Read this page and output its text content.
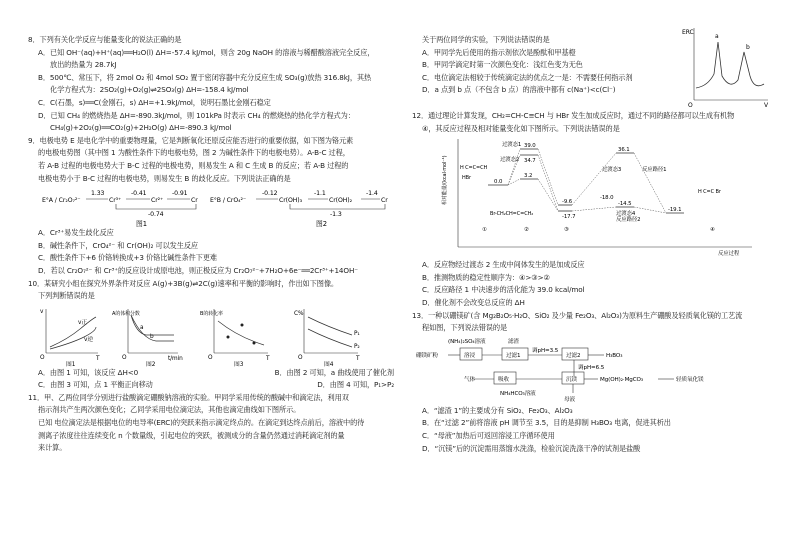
8．下列有关化学反应与能量变化的说法正确的是
A．已知 OH⁻(aq)+H⁺(aq)══H₂O(l) ΔH=-57.4 kJ/mol，则含 20g NaOH 的溶液与稀醋酸溶液完全反应，
放出的热量为 28.7kJ
B．500℃、常压下，将 2mol O₂ 和 4mol SO₂ 置于密闭容器中充分反应生成 SO₃(g)放热 316.8kJ，其热
化学方程式为：2SO₂(g)+O₂(g)⇌2SO₃(g) ΔH=-158.4 kJ/mol
C．C(石墨，s)══C(金刚石，s) ΔH=+1.9kJ/mol，说明石墨比金刚石稳定
D．已知 CH₄ 的燃烧热是 ΔH=-890.3kJ/mol，则 101kPa 时表示 CH₄ 的燃烧热的热化学方程式为：
CH₄(g)+2O₂(g)══CO₂(g)+2H₂O(g) ΔH=-890.3 kJ/mol
9．电极电势 E 是电化学中的重要物理量，它是判断氧化还原反应能否进行的重要依据，如下图为铬元素
的电极电势图（其中图 1 为酸性条件下的电极电势，图 2 为碱性条件下的电极电势）。A-B-C 过程，
若 A-B 过程的电极电势大于 B-C 过程的电极电势，则易发生 A 和 C 生成 B 的反应；若 A-B 过程的
电极电势小于 B-C 过程的电极电势，则易发生 B 的歧化反应。下列说法正确的是
E°A / Cr₂O₇²⁻
1.33
Cr³⁺
-0.41
Cr²⁺
-0.91
Cr
-0.74
图1
E°B / CrO₄²⁻
-0.12
Cr(OH)₃
-1.1
Cr(OH)₂
-1.4
Cr
-1.3
图2
A．Cr³⁺易发生歧化反应
B．碱性条件下，CrO₄²⁻ 和 Cr(OH)₂ 可以发生反应
C．酸性条件下+6 价铬转换成+3 价铬比碱性条件下更难
D．若以 Cr₂O₇²⁻ 和 Cr³⁺的反应设计成原电池，则正极反应为 Cr₂O₇²⁻+7H₂O+6e⁻══2Cr³⁺+14OH⁻
10．某研究小组在探究外界条件对反应 A(g)+3B(g)⇌2C(g)速率和平衡的影响时，作出如下图像。
下列判断错误的是
v
O	T
v正
v逆
图1
A的体积分数
O	t/min
a
b
图2
B的转化率
O	T
图3
C%
O	T
P₁
P₂
图4
A．由图 1 可知，该反应 ΔH<0	B．由图 2 可知，a 曲线使用了催化剂
C．由图 3 可知，点 1 平衡正向移动	D．由图 4 可知，P₁>P₂
11．甲、乙两位同学分别进行盐酸滴定硼酸钠溶液的实验。甲同学采用传统的酸碱中和滴定法，利用双
指示剂共产生两次颜色变化；乙同学采用电位滴定法，其他也滴定曲线如下图所示。
已知 电位滴定法是根据电位的电导率(ERC)的突跃来指示滴定终点的。在滴定到达终点前后，溶液中的待
测离子浓度往往连续变化 n 个数量级，引起电位的突跃，被测成分的含量仍然通过消耗滴定剂的量
来计算。
关于两位同学的实验，下列说法错误的是
A．甲同学先后使用的指示剂依次是酚酞和甲基橙
B．甲同学滴定时第一次颜色变化：浅红色变为无色
C．电位滴定法相较于传统滴定法的优点之一是：不需要任何指示剂
D．a 点到 b 点（不包含 b 点）的溶液中都有 c(Na⁺)<c(Cl⁻)
ERC
O	V
a
b
12．通过理论计算发现，CH₂=CH-C≡CH 与 HBr 发生加成反应时，通过不同的路径都可以生成有机物
④，其反应过程及相对能量变化如下图所示。下列说法错误的是
相对能量/(kcal·mol⁻¹)
反应过程
0.0
H C=C=CH
HBr
39.0
过渡态1
34.7
过渡态2
3.2
-9.6
-17.7
Br-CH₂CH=C=CH₂
②	③
①
36.1
过渡态3	反应路径1
-14.5
过渡态4
反应路径2
-18.0
-19.1
H C=C Br
④
A．反应物经过渡态 2 生成中间体发生的是加成反应
B．推测物质的稳定性顺序为：④>③>②
C．反应路径 1 中决速步的活化能为 39.0 kcal/mol
D．催化剂不会改变总反应的 ΔH
13．一种以硼镁矿(含 Mg₂B₂O₅·H₂O、SiO₂ 及少量 Fe₂O₃、Al₂O₃)为原料生产硼酸及轻质氧化镁的工艺流
程如图，下列说法错误的是
(NH₄)₂SO₄溶液	滤渣
硼镁矿粉	溶浸	过滤1
调pH=3.5
过滤2	H₃BO₃
调pH=6.5
气体	吸收	沉镁	Mg(OH)₂·MgCO₃	轻质氧化镁
NH₄HCO₃溶液
母液
A．“滤渣 1”的主要成分有 SiO₂、Fe₂O₃、Al₂O₃
B．在“过滤 2”前将溶液 pH 调节至 3.5，目的是抑制 H₃BO₃ 电离，促进其析出
C．“母液”加热后可返回溶浸工序循环使用
D．“沉镁”后的沉淀需用蒸馏水洗涤，检验沉淀洗涤干净的试剂是盐酸
